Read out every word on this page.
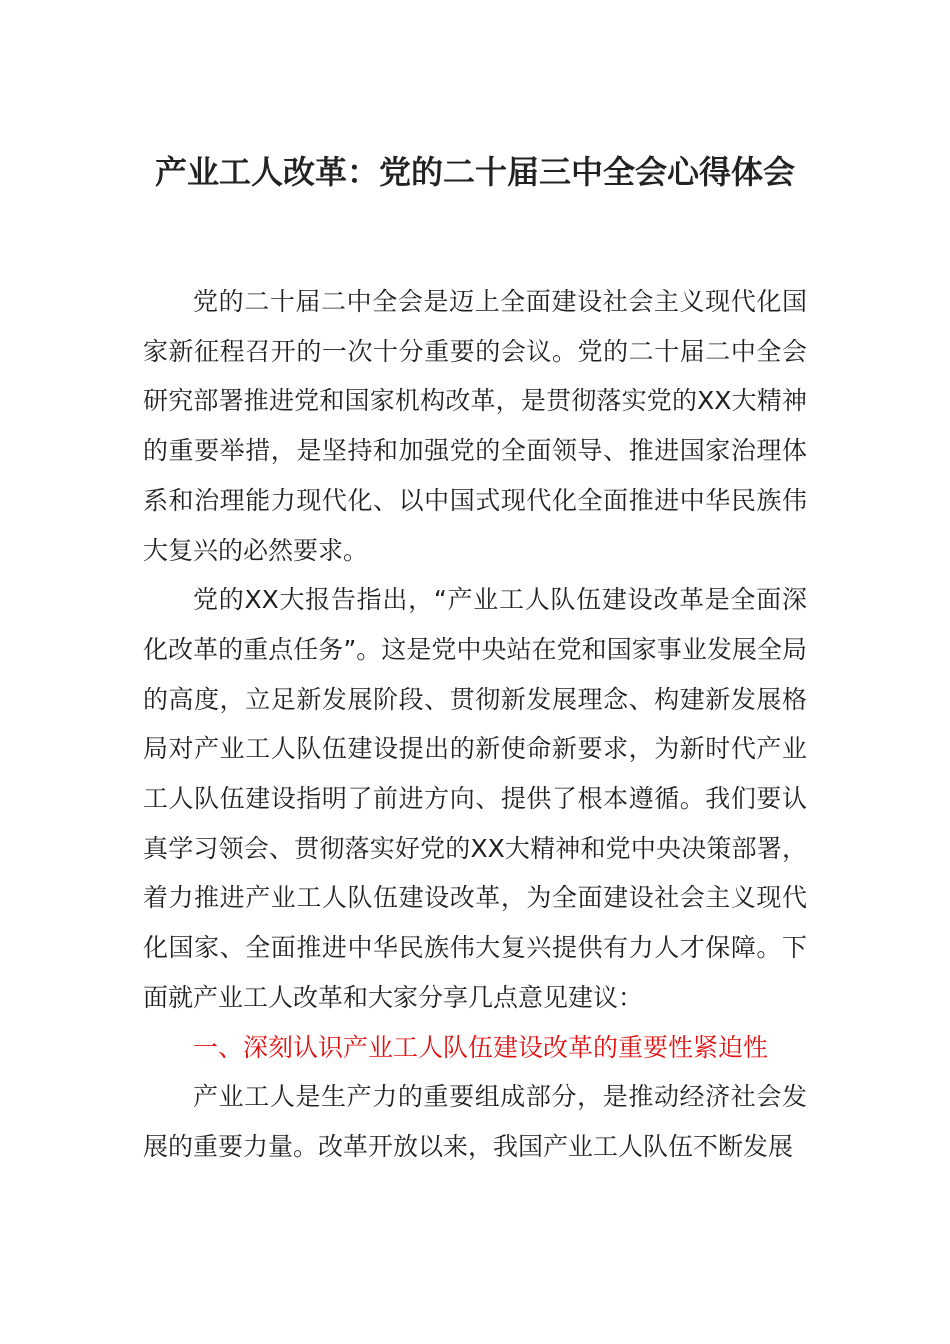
产业工人改革：党的二十届三中全会心得体会

党的二十届二中全会是迈上全面建设社会主义现代化国家新征程召开的一次十分重要的会议。党的二十届二中全会研究部署推进党和国家机构改革，是贯彻落实党的XX大精神的重要举措，是坚持和加强党的全面领导、推进国家治理体系和治理能力现代化、以中国式现代化全面推进中华民族伟大复兴的必然要求。

党的XX大报告指出，“产业工人队伍建设改革是全面深化改革的重点任务”。这是党中央站在党和国家事业发展全局的高度，立足新发展阶段、贯彻新发展理念、构建新发展格局对产业工人队伍建设提出的新使命新要求，为新时代产业工人队伍建设指明了前进方向、提供了根本遵循。我们要认真学习领会、贯彻落实好党的XX大精神和党中央决策部署，着力推进产业工人队伍建设改革，为全面建设社会主义现代化国家、全面推进中华民族伟大复兴提供有力人才保障。下面就产业工人改革和大家分享几点意见建议：

一、深刻认识产业工人队伍建设改革的重要性紧迫性

产业工人是生产力的重要组成部分，是推动经济社会发展的重要力量。改革开放以来，我国产业工人队伍不断发展
